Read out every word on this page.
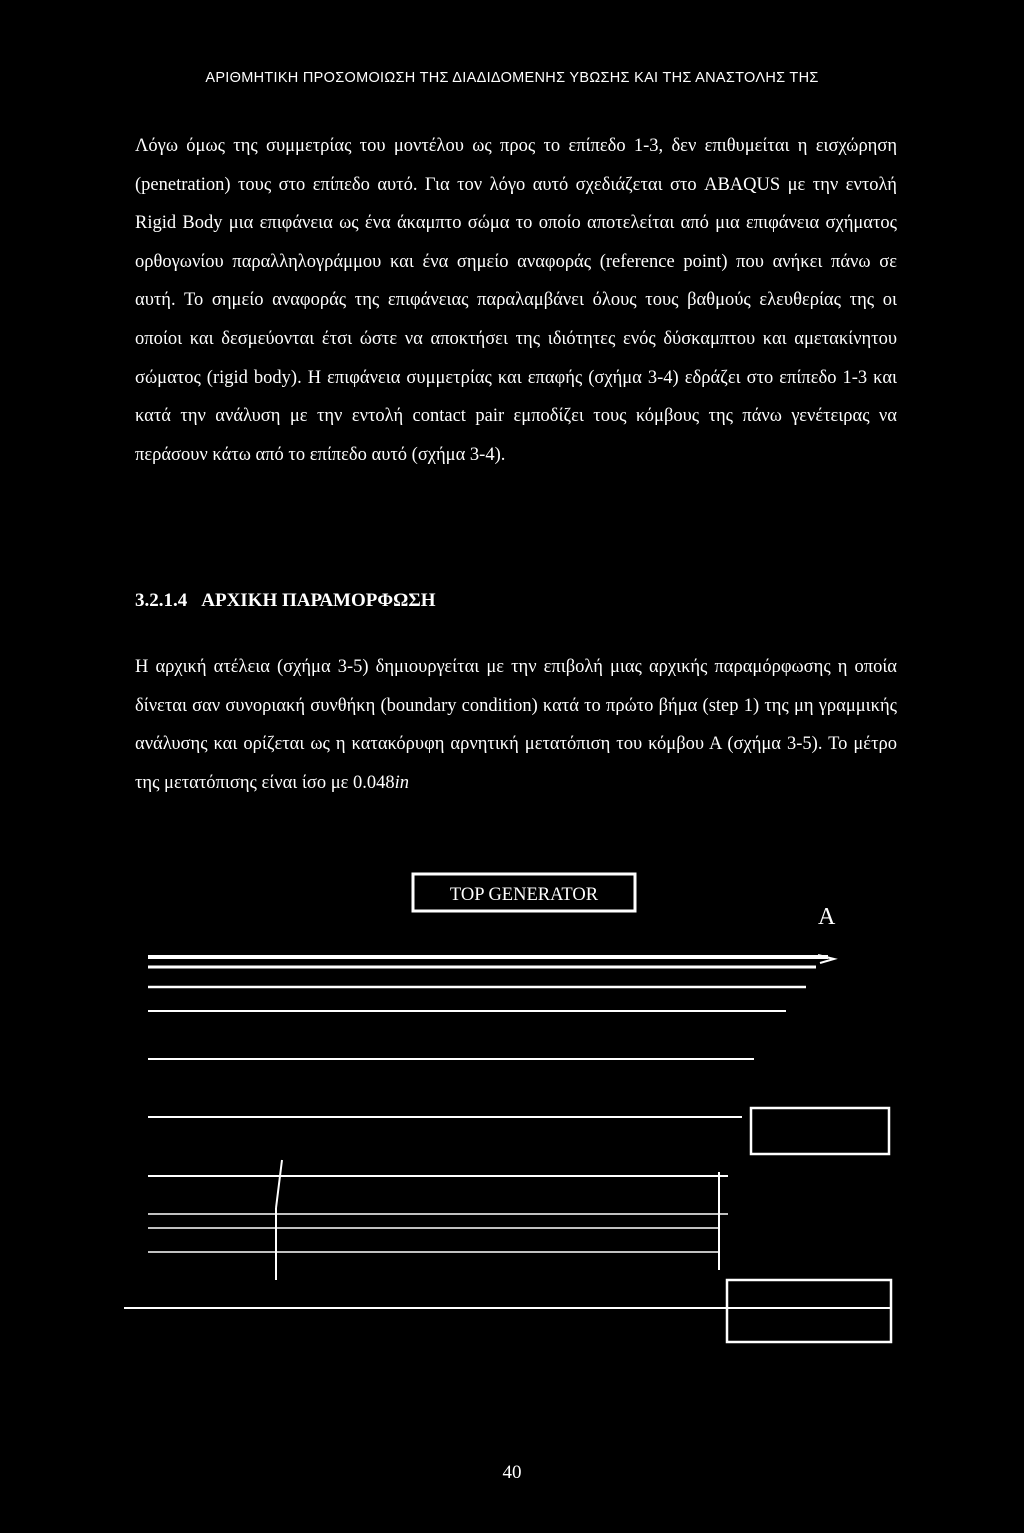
ΑΡΙΘΜΗΤΙΚΗ ΠΡΟΣΟΜΟΙΩΣΗ ΤΗΣ ΔΙΑΔΙΔΟΜΕΝΗΣ ΥΒΩΣΗΣ ΚΑΙ ΤΗΣ ΑΝΑΣΤΟΛΗΣ ΤΗΣ

Λόγω όμως της συμμετρίας του μοντέλου ως προς το επίπεδο 1-3, δεν επιθυμείται η εισχώρηση (penetration) τους στο επίπεδο αυτό. Για τον λόγο αυτό σχεδιάζεται στο ABAQUS με την εντολή Rigid Body μια επιφάνεια ως ένα άκαμπτο σώμα το οποίο αποτελείται από μια επιφάνεια σχήματος ορθογωνίου παραλληλογράμμου και ένα σημείο αναφοράς (reference point) που ανήκει πάνω σε αυτή. Το σημείο αναφοράς της επιφάνειας παραλαμβάνει όλους τους βαθμούς ελευθερίας της οι οποίοι και δεσμεύονται έτσι ώστε να αποκτήσει της ιδιότητες ενός δύσκαμπτου και αμετακίνητου σώματος (rigid body). Η επιφάνεια συμμετρίας και επαφής (σχήμα 3-4) εδράζει στο επίπεδο 1-3 και κατά την ανάλυση με την εντολή contact pair εμποδίζει τους κόμβους της πάνω γενέτειρας να περάσουν κάτω από το επίπεδο αυτό (σχήμα 3-4).

3.2.1.4 ΑΡΧΙΚΗ ΠΑΡΑΜΟΡΦΩΣΗ

Η αρχική ατέλεια (σχήμα 3-5) δημιουργείται με την επιβολή μιας αρχικής παραμόρφωσης η οποία δίνεται σαν συνοριακή συνθήκη (boundary condition) κατά το πρώτο βήμα (step 1) της μη γραμμικής ανάλυσης και ορίζεται ως η κατακόρυφη αρνητική μετατόπιση του κόμβου Α (σχήμα 3-5). Το μέτρο της μετατόπισης είναι ίσο με 0.048in

TOP GENERATOR
A
40
